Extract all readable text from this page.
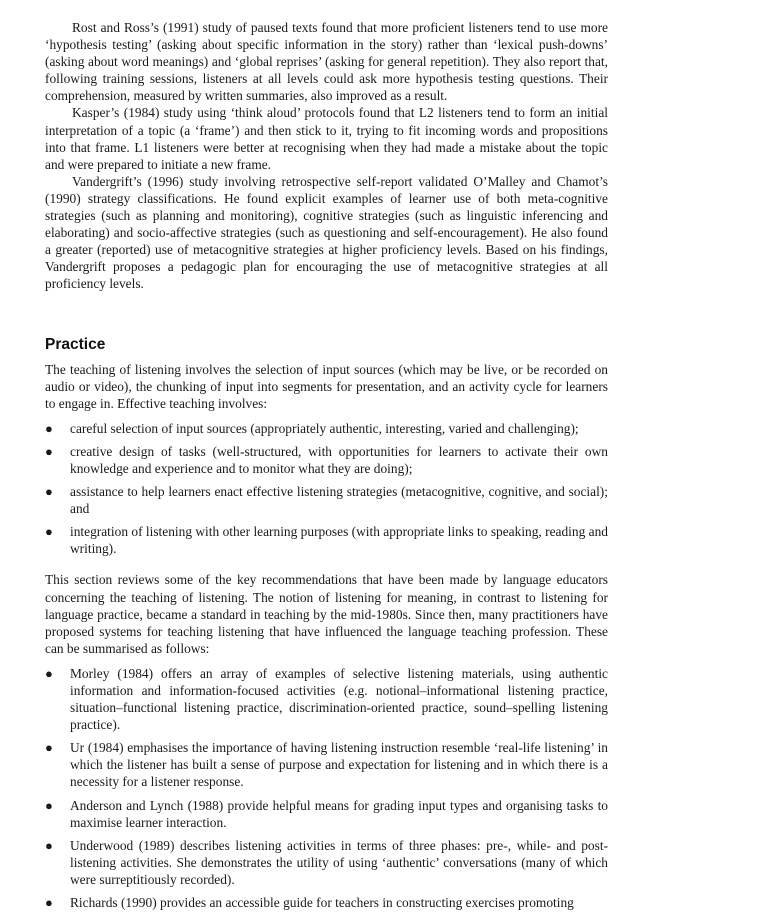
Rost and Ross’s (1991) study of paused texts found that more proficient listeners tend to use more ‘hypothesis testing’ (asking about specific information in the story) rather than ‘lexical push-downs’ (asking about word meanings) and ‘global reprises’ (asking for general repetition). They also report that, following training sessions, listeners at all levels could ask more hypothesis testing questions. Their comprehension, measured by written summaries, also improved as a result.

Kasper’s (1984) study using ‘think aloud’ protocols found that L2 listeners tend to form an initial interpretation of a topic (a ‘frame’) and then stick to it, trying to fit incoming words and propositions into that frame. L1 listeners were better at recognising when they had made a mistake about the topic and were prepared to initiate a new frame.

Vandergrift’s (1996) study involving retrospective self-report validated O’Malley and Chamot’s (1990) strategy classifications. He found explicit examples of learner use of both meta-cognitive strategies (such as planning and monitoring), cognitive strategies (such as linguistic inferencing and elaborating) and socio-affective strategies (such as questioning and self-encouragement). He also found a greater (reported) use of metacognitive strategies at higher proficiency levels. Based on his findings, Vandergrift proposes a pedagogic plan for encouraging the use of metacognitive strategies at all proficiency levels.

Practice

The teaching of listening involves the selection of input sources (which may be live, or be recorded on audio or video), the chunking of input into segments for presentation, and an activity cycle for learners to engage in. Effective teaching involves:

● careful selection of input sources (appropriately authentic, interesting, varied and challenging);
● creative design of tasks (well-structured, with opportunities for learners to activate their own knowledge and experience and to monitor what they are doing);
● assistance to help learners enact effective listening strategies (metacognitive, cognitive, and social); and
● integration of listening with other learning purposes (with appropriate links to speaking, reading and writing).

This section reviews some of the key recommendations that have been made by language educators concerning the teaching of listening. The notion of listening for meaning, in contrast to listening for language practice, became a standard in teaching by the mid-1980s. Since then, many practitioners have proposed systems for teaching listening that have influenced the language teaching profession. These can be summarised as follows:

● Morley (1984) offers an array of examples of selective listening materials, using authentic information and information-focused activities (e.g. notional–informational listening practice, situation–functional listening practice, discrimination-oriented practice, sound–spelling listening practice).
● Ur (1984) emphasises the importance of having listening instruction resemble ‘real-life listening’ in which the listener has built a sense of purpose and expectation for listening and in which there is a necessity for a listener response.
● Anderson and Lynch (1988) provide helpful means for grading input types and organising tasks to maximise learner interaction.
● Underwood (1989) describes listening activities in terms of three phases: pre-, while- and post-listening activities. She demonstrates the utility of using ‘authentic’ conversations (many of which were surreptitiously recorded).
● Richards (1990) provides an accessible guide for teachers in constructing exercises promoting
